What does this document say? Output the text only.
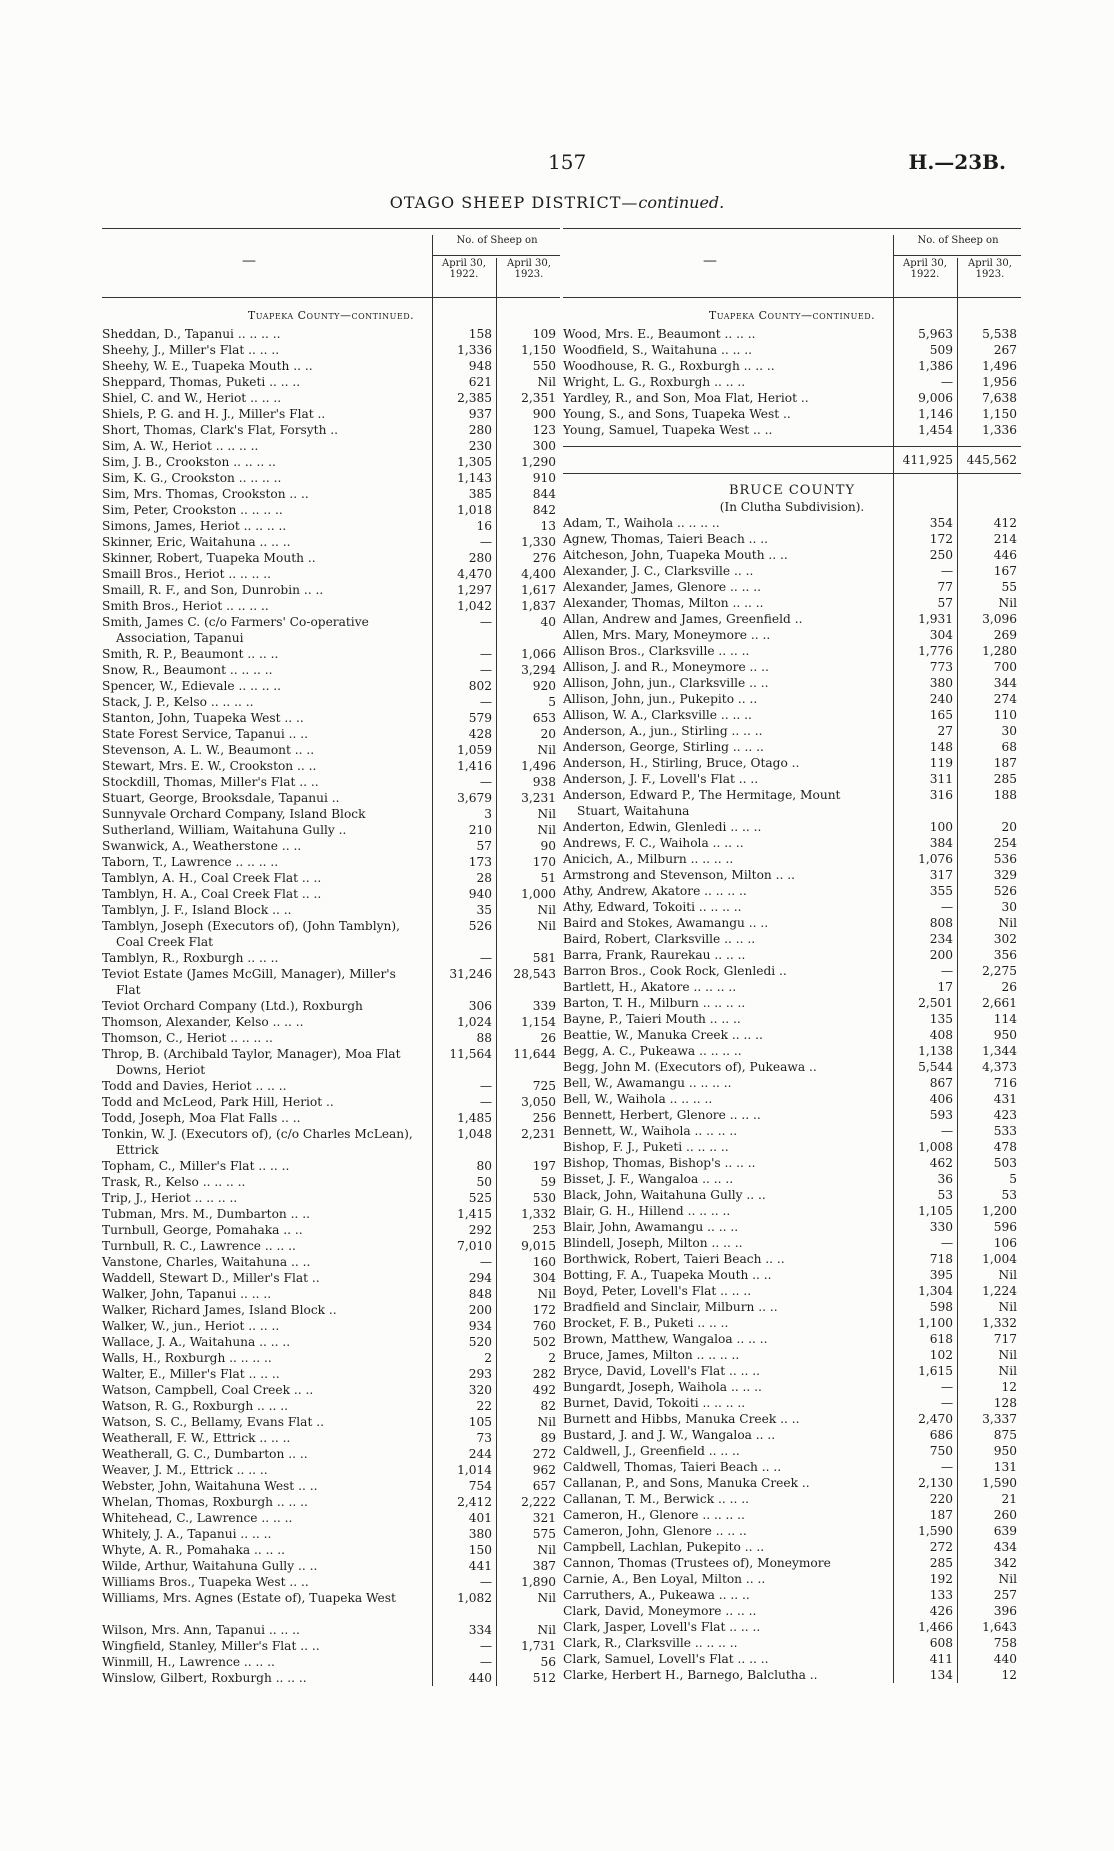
157	H.—23B.
OTAGO SHEEP DISTRICT—continued.
—
No. of Sheep on
April 30, 1922.
April 30, 1923.
Tuapeka County—continued.
Sheddan, D., Tapanui .. .. .. ..	158	109
Sheehy, J., Miller's Flat .. .. ..	1,336	1,150
Sheehy, W. E., Tuapeka Mouth .. ..	948	550
Sheppard, Thomas, Puketi .. .. ..	621	Nil
Shiel, C. and W., Heriot .. .. ..	2,385	2,351
Shiels, P. G. and H. J., Miller's Flat ..	937	900
Short, Thomas, Clark's Flat, Forsyth ..	280	123
Sim, A. W., Heriot .. .. .. ..	230	300
Sim, J. B., Crookston .. .. .. ..	1,305	1,290
Sim, K. G., Crookston .. .. .. ..	1,143	910
Sim, Mrs. Thomas, Crookston .. ..	385	844
Sim, Peter, Crookston .. .. .. ..	1,018	842
Simons, James, Heriot .. .. .. ..	16	13
Skinner, Eric, Waitahuna .. .. ..	—	1,330
Skinner, Robert, Tuapeka Mouth ..	280	276
Smaill Bros., Heriot .. .. .. ..	4,470	4,400
Smaill, R. F., and Son, Dunrobin .. ..	1,297	1,617
Smith Bros., Heriot .. .. .. ..	1,042	1,837
Smith, James C. (c/o Farmers' Co-operative Association, Tapanui
—	40
Smith, R. P., Beaumont .. .. ..	—	1,066
Snow, R., Beaumont .. .. .. ..	—	3,294
Spencer, W., Edievale .. .. .. ..	802	920
Stack, J. P., Kelso .. .. .. ..	—	5
Stanton, John, Tuapeka West .. ..	579	653
State Forest Service, Tapanui .. ..	428	20
Stevenson, A. L. W., Beaumont .. ..	1,059	Nil
Stewart, Mrs. E. W., Crookston .. ..	1,416	1,496
Stockdill, Thomas, Miller's Flat .. ..	—	938
Stuart, George, Brooksdale, Tapanui ..	3,679	3,231
Sunnyvale Orchard Company, Island Block	3	Nil
Sutherland, William, Waitahuna Gully ..	210	Nil
Swanwick, A., Weatherstone .. ..	57	90
Taborn, T., Lawrence .. .. .. ..	173	170
Tamblyn, A. H., Coal Creek Flat .. ..	28	51
Tamblyn, H. A., Coal Creek Flat .. ..	940	1,000
Tamblyn, J. F., Island Block .. ..	35	Nil
Tamblyn, Joseph (Executors of), (John Tamblyn), Coal Creek Flat
526	Nil
Tamblyn, R., Roxburgh .. .. ..	—	581
Teviot Estate (James McGill, Manager), Miller's Flat
31,246	28,543
Teviot Orchard Company (Ltd.), Roxburgh	306	339
Thomson, Alexander, Kelso .. .. ..	1,024	1,154
Thomson, C., Heriot .. .. .. ..	88	26
Throp, B. (Archibald Taylor, Manager), Moa Flat Downs, Heriot
11,564	11,644
Todd and Davies, Heriot .. .. ..	—	725
Todd and McLeod, Park Hill, Heriot ..	—	3,050
Todd, Joseph, Moa Flat Falls .. ..	1,485	256
Tonkin, W. J. (Executors of), (c/o Charles McLean), Ettrick
1,048	2,231
Topham, C., Miller's Flat .. .. ..	80	197
Trask, R., Kelso .. .. .. ..	50	59
Trip, J., Heriot .. .. .. ..	525	530
Tubman, Mrs. M., Dumbarton .. ..	1,415	1,332
Turnbull, George, Pomahaka .. ..	292	253
Turnbull, R. C., Lawrence .. .. ..	7,010	9,015
Vanstone, Charles, Waitahuna .. ..	—	160
Waddell, Stewart D., Miller's Flat ..	294	304
Walker, John, Tapanui .. .. ..	848	Nil
Walker, Richard James, Island Block ..	200	172
Walker, W., jun., Heriot .. .. ..	934	760
Wallace, J. A., Waitahuna .. .. ..	520	502
Walls, H., Roxburgh .. .. .. ..	2	2
Walter, E., Miller's Flat .. .. ..	293	282
Watson, Campbell, Coal Creek .. ..	320	492
Watson, R. G., Roxburgh .. .. ..	22	82
Watson, S. C., Bellamy, Evans Flat ..	105	Nil
Weatherall, F. W., Ettrick .. .. ..	73	89
Weatherall, G. C., Dumbarton .. ..	244	272
Weaver, J. M., Ettrick .. .. ..	1,014	962
Webster, John, Waitahuna West .. ..	754	657
Whelan, Thomas, Roxburgh .. .. ..	2,412	2,222
Whitehead, C., Lawrence .. .. ..	401	321
Whitely, J. A., Tapanui .. .. ..	380	575
Whyte, A. R., Pomahaka .. .. ..	150	Nil
Wilde, Arthur, Waitahuna Gully .. ..	441	387
Williams Bros., Tuapeka West .. ..	—	1,890
Williams, Mrs. Agnes (Estate of), Tuapeka West	1,082	Nil
Wilson, Mrs. Ann, Tapanui .. .. ..	334	Nil
Wingfield, Stanley, Miller's Flat .. ..	—	1,731
Winmill, H., Lawrence .. .. ..	—	56
Winslow, Gilbert, Roxburgh .. .. ..	440	512
—
No. of Sheep on
April 30, 1922.
April 30, 1923.
Tuapeka County—continued.
Wood, Mrs. E., Beaumont .. .. ..	5,963	5,538
Woodfield, S., Waitahuna .. .. ..	509	267
Woodhouse, R. G., Roxburgh .. .. ..	1,386	1,496
Wright, L. G., Roxburgh .. .. ..	—	1,956
Yardley, R., and Son, Moa Flat, Heriot ..	9,006	7,638
Young, S., and Sons, Tuapeka West ..	1,146	1,150
Young, Samuel, Tuapeka West .. ..	1,454	1,336
411,925	445,562
BRUCE COUNTY
(In Clutha Subdivision).
Adam, T., Waihola .. .. .. ..	354	412
Agnew, Thomas, Taieri Beach .. ..	172	214
Aitcheson, John, Tuapeka Mouth .. ..	250	446
Alexander, J. C., Clarksville .. ..	—	167
Alexander, James, Glenore .. .. ..	77	55
Alexander, Thomas, Milton .. .. ..	57	Nil
Allan, Andrew and James, Greenfield ..	1,931	3,096
Allen, Mrs. Mary, Moneymore .. ..	304	269
Allison Bros., Clarksville .. .. ..	1,776	1,280
Allison, J. and R., Moneymore .. ..	773	700
Allison, John, jun., Clarksville .. ..	380	344
Allison, John, jun., Pukepito .. ..	240	274
Allison, W. A., Clarksville .. .. ..	165	110
Anderson, A., jun., Stirling .. .. ..	27	30
Anderson, George, Stirling .. .. ..	148	68
Anderson, H., Stirling, Bruce, Otago ..	119	187
Anderson, J. F., Lovell's Flat .. ..	311	285
Anderson, Edward P., The Hermitage, Mount Stuart, Waitahuna
316	188
Anderton, Edwin, Glenledi .. .. ..	100	20
Andrews, F. C., Waihola .. .. ..	384	254
Anicich, A., Milburn .. .. .. ..	1,076	536
Armstrong and Stevenson, Milton .. ..	317	329
Athy, Andrew, Akatore .. .. .. ..	355	526
Athy, Edward, Tokoiti .. .. .. ..	—	30
Baird and Stokes, Awamangu .. ..	808	Nil
Baird, Robert, Clarksville .. .. ..	234	302
Barra, Frank, Raurekau .. .. ..	200	356
Barron Bros., Cook Rock, Glenledi ..	—	2,275
Bartlett, H., Akatore .. .. .. ..	17	26
Barton, T. H., Milburn .. .. .. ..	2,501	2,661
Bayne, P., Taieri Mouth .. .. ..	135	114
Beattie, W., Manuka Creek .. .. ..	408	950
Begg, A. C., Pukeawa .. .. .. ..	1,138	1,344
Begg, John M. (Executors of), Pukeawa ..	5,544	4,373
Bell, W., Awamangu .. .. .. ..	867	716
Bell, W., Waihola .. .. .. ..	406	431
Bennett, Herbert, Glenore .. .. ..	593	423
Bennett, W., Waihola .. .. .. ..	—	533
Bishop, F. J., Puketi .. .. .. ..	1,008	478
Bishop, Thomas, Bishop's .. .. ..	462	503
Bisset, J. F., Wangaloa .. .. ..	36	5
Black, John, Waitahuna Gully .. ..	53	53
Blair, G. H., Hillend .. .. .. ..	1,105	1,200
Blair, John, Awamangu .. .. ..	330	596
Blindell, Joseph, Milton .. .. ..	—	106
Borthwick, Robert, Taieri Beach .. ..	718	1,004
Botting, F. A., Tuapeka Mouth .. ..	395	Nil
Boyd, Peter, Lovell's Flat .. .. ..	1,304	1,224
Bradfield and Sinclair, Milburn .. ..	598	Nil
Brocket, F. B., Puketi .. .. ..	1,100	1,332
Brown, Matthew, Wangaloa .. .. ..	618	717
Bruce, James, Milton .. .. .. ..	102	Nil
Bryce, David, Lovell's Flat .. .. ..	1,615	Nil
Bungardt, Joseph, Waihola .. .. ..	—	12
Burnet, David, Tokoiti .. .. .. ..	—	128
Burnett and Hibbs, Manuka Creek .. ..	2,470	3,337
Bustard, J. and J. W., Wangaloa .. ..	686	875
Caldwell, J., Greenfield .. .. ..	750	950
Caldwell, Thomas, Taieri Beach .. ..	—	131
Callanan, P., and Sons, Manuka Creek ..	2,130	1,590
Callanan, T. M., Berwick .. .. ..	220	21
Cameron, H., Glenore .. .. .. ..	187	260
Cameron, John, Glenore .. .. ..	1,590	639
Campbell, Lachlan, Pukepito .. ..	272	434
Cannon, Thomas (Trustees of), Moneymore	285	342
Carnie, A., Ben Loyal, Milton .. ..	192	Nil
Carruthers, A., Pukeawa .. .. ..	133	257
Clark, David, Moneymore .. .. ..	426	396
Clark, Jasper, Lovell's Flat .. .. ..	1,466	1,643
Clark, R., Clarksville .. .. .. ..	608	758
Clark, Samuel, Lovell's Flat .. .. ..	411	440
Clarke, Herbert H., Barnego, Balclutha ..	134	12
